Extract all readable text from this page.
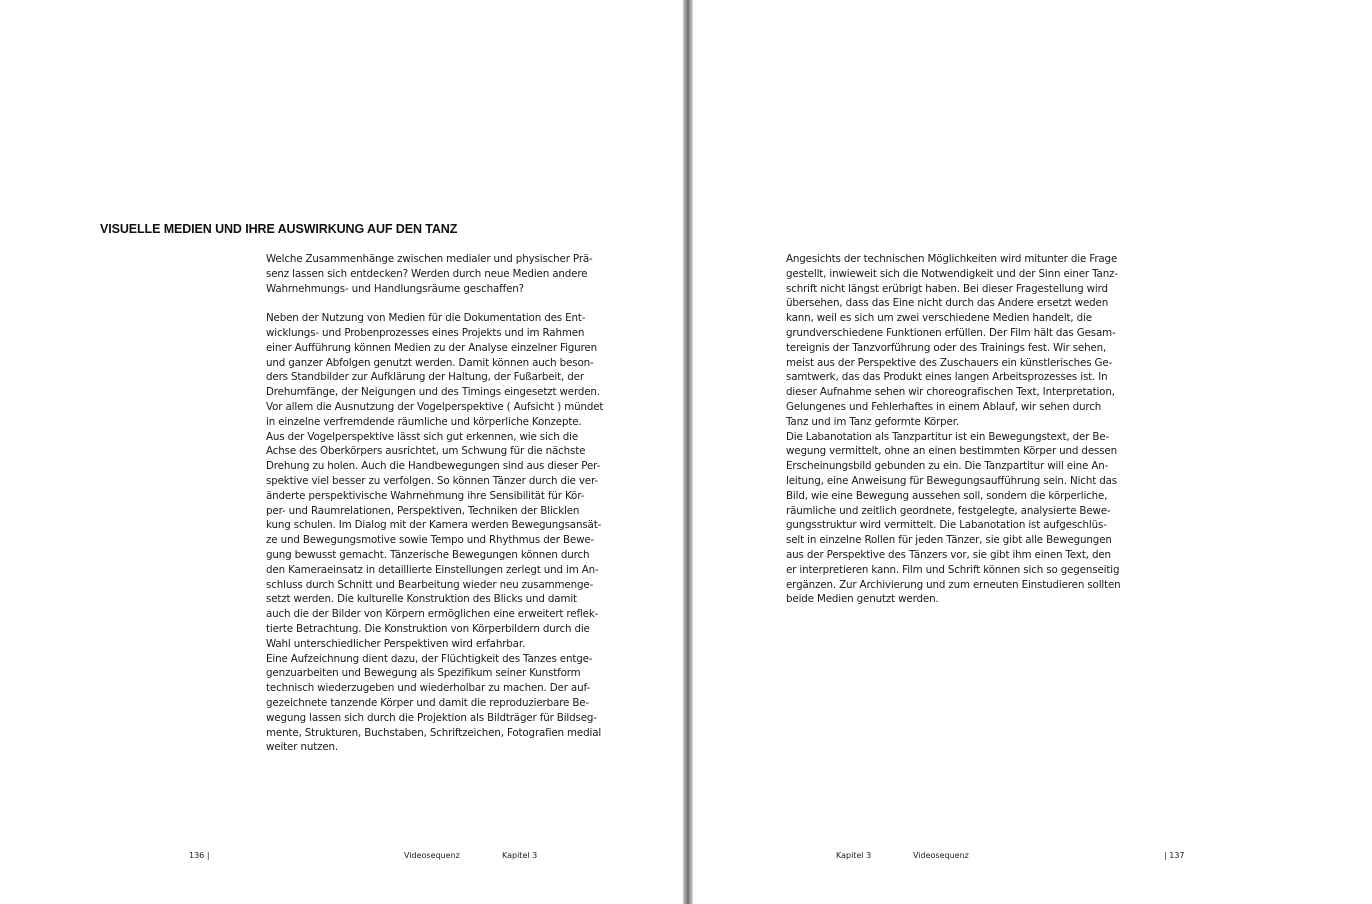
VISUELLE MEDIEN UND IHRE AUSWIRKUNG AUF DEN TANZ
Welche Zusammenhänge zwischen medialer und physischer Prä-
senz lassen sich entdecken? Werden durch neue Medien andere
Wahrnehmungs- und Handlungsräume geschaffen?
Neben der Nutzung von Medien für die Dokumentation des Ent-
wicklungs- und Probenprozesses eines Projekts und im Rahmen
einer Aufführung können Medien zu der Analyse einzelner Figuren
und ganzer Abfolgen genutzt werden. Damit können auch beson-
ders Standbilder zur Aufklärung der Haltung, der Fußarbeit, der
Drehumfänge, der Neigungen und des Timings eingesetzt werden.
Vor allem die Ausnutzung der Vogelperspektive ( Aufsicht ) mündet
in einzelne verfremdende räumliche und körperliche Konzepte.
Aus der Vogelperspektive lässt sich gut erkennen, wie sich die
Achse des Oberkörpers ausrichtet, um Schwung für die nächste
Drehung zu holen. Auch die Handbewegungen sind aus dieser Per-
spektive viel besser zu verfolgen. So können Tänzer durch die ver-
änderte perspektivische Wahrnehmung ihre Sensibilität für Kör-
per- und Raumrelationen, Perspektiven, Techniken der Blicklen
kung schulen. Im Dialog mit der Kamera werden Bewegungsansät-
ze und Bewegungsmotive sowie Tempo und Rhythmus der Bewe-
gung bewusst gemacht. Tänzerische Bewegungen können durch
den Kameraeinsatz in detaillierte Einstellungen zerlegt und im An-
schluss durch Schnitt und Bearbeitung wieder neu zusammenge-
setzt werden. Die kulturelle Konstruktion des Blicks und damit
auch die der Bilder von Körpern ermöglichen eine erweitert reflek-
tierte Betrachtung. Die Konstruktion von Körperbildern durch die
Wahl unterschiedlicher Perspektiven wird erfahrbar.
Eine Aufzeichnung dient dazu, der Flüchtigkeit des Tanzes entge-
genzuarbeiten und Bewegung als Spezifikum seiner Kunstform
technisch wiederzugeben und wiederholbar zu machen. Der auf-
gezeichnete tanzende Körper und damit die reproduzierbare Be-
wegung lassen sich durch die Projektion als Bildträger für Bildseg-
mente, Strukturen, Buchstaben, Schriftzeichen, Fotografien medial
weiter nutzen.
136 |	Videosequenz	Kapitel 3
Angesichts der technischen Möglichkeiten wird mitunter die Frage
gestellt, inwieweit sich die Notwendigkeit und der Sinn einer Tanz-
schrift nicht längst erübrigt haben. Bei dieser Fragestellung wird
übersehen, dass das Eine nicht durch das Andere ersetzt weden
kann, weil es sich um zwei verschiedene Medien handelt, die
grundverschiedene Funktionen erfüllen. Der Film hält das Gesam-
tereignis der Tanzvorführung oder des Trainings fest. Wir sehen,
meist aus der Perspektive des Zuschauers ein künstlerisches Ge-
samtwerk, das das Produkt eines langen Arbeitsprozesses ist. In
dieser Aufnahme sehen wir choreografischen Text, Interpretation,
Gelungenes und Fehlerhaftes in einem Ablauf, wir sehen durch
Tanz und im Tanz geformte Körper.
Die Labanotation als Tanzpartitur ist ein Bewegungstext, der Be-
wegung vermittelt, ohne an einen bestimmten Körper und dessen
Erscheinungsbild gebunden zu ein. Die Tanzpartitur will eine An-
leitung, eine Anweisung für Bewegungsaufführung sein. Nicht das
Bild, wie eine Bewegung aussehen soll, sondern die körperliche,
räumliche und zeitlich geordnete, festgelegte, analysierte Bewe-
gungsstruktur wird vermittelt. Die Labanotation ist aufgeschlüs-
selt in einzelne Rollen für jeden Tänzer, sie gibt alle Bewegungen
aus der Perspektive des Tänzers vor, sie gibt ihm einen Text, den
er interpretieren kann. Film und Schrift können sich so gegenseitig
ergänzen. Zur Archivierung und zum erneuten Einstudieren sollten
beide Medien genutzt werden.
Kapitel 3	Videosequenz	| 137
